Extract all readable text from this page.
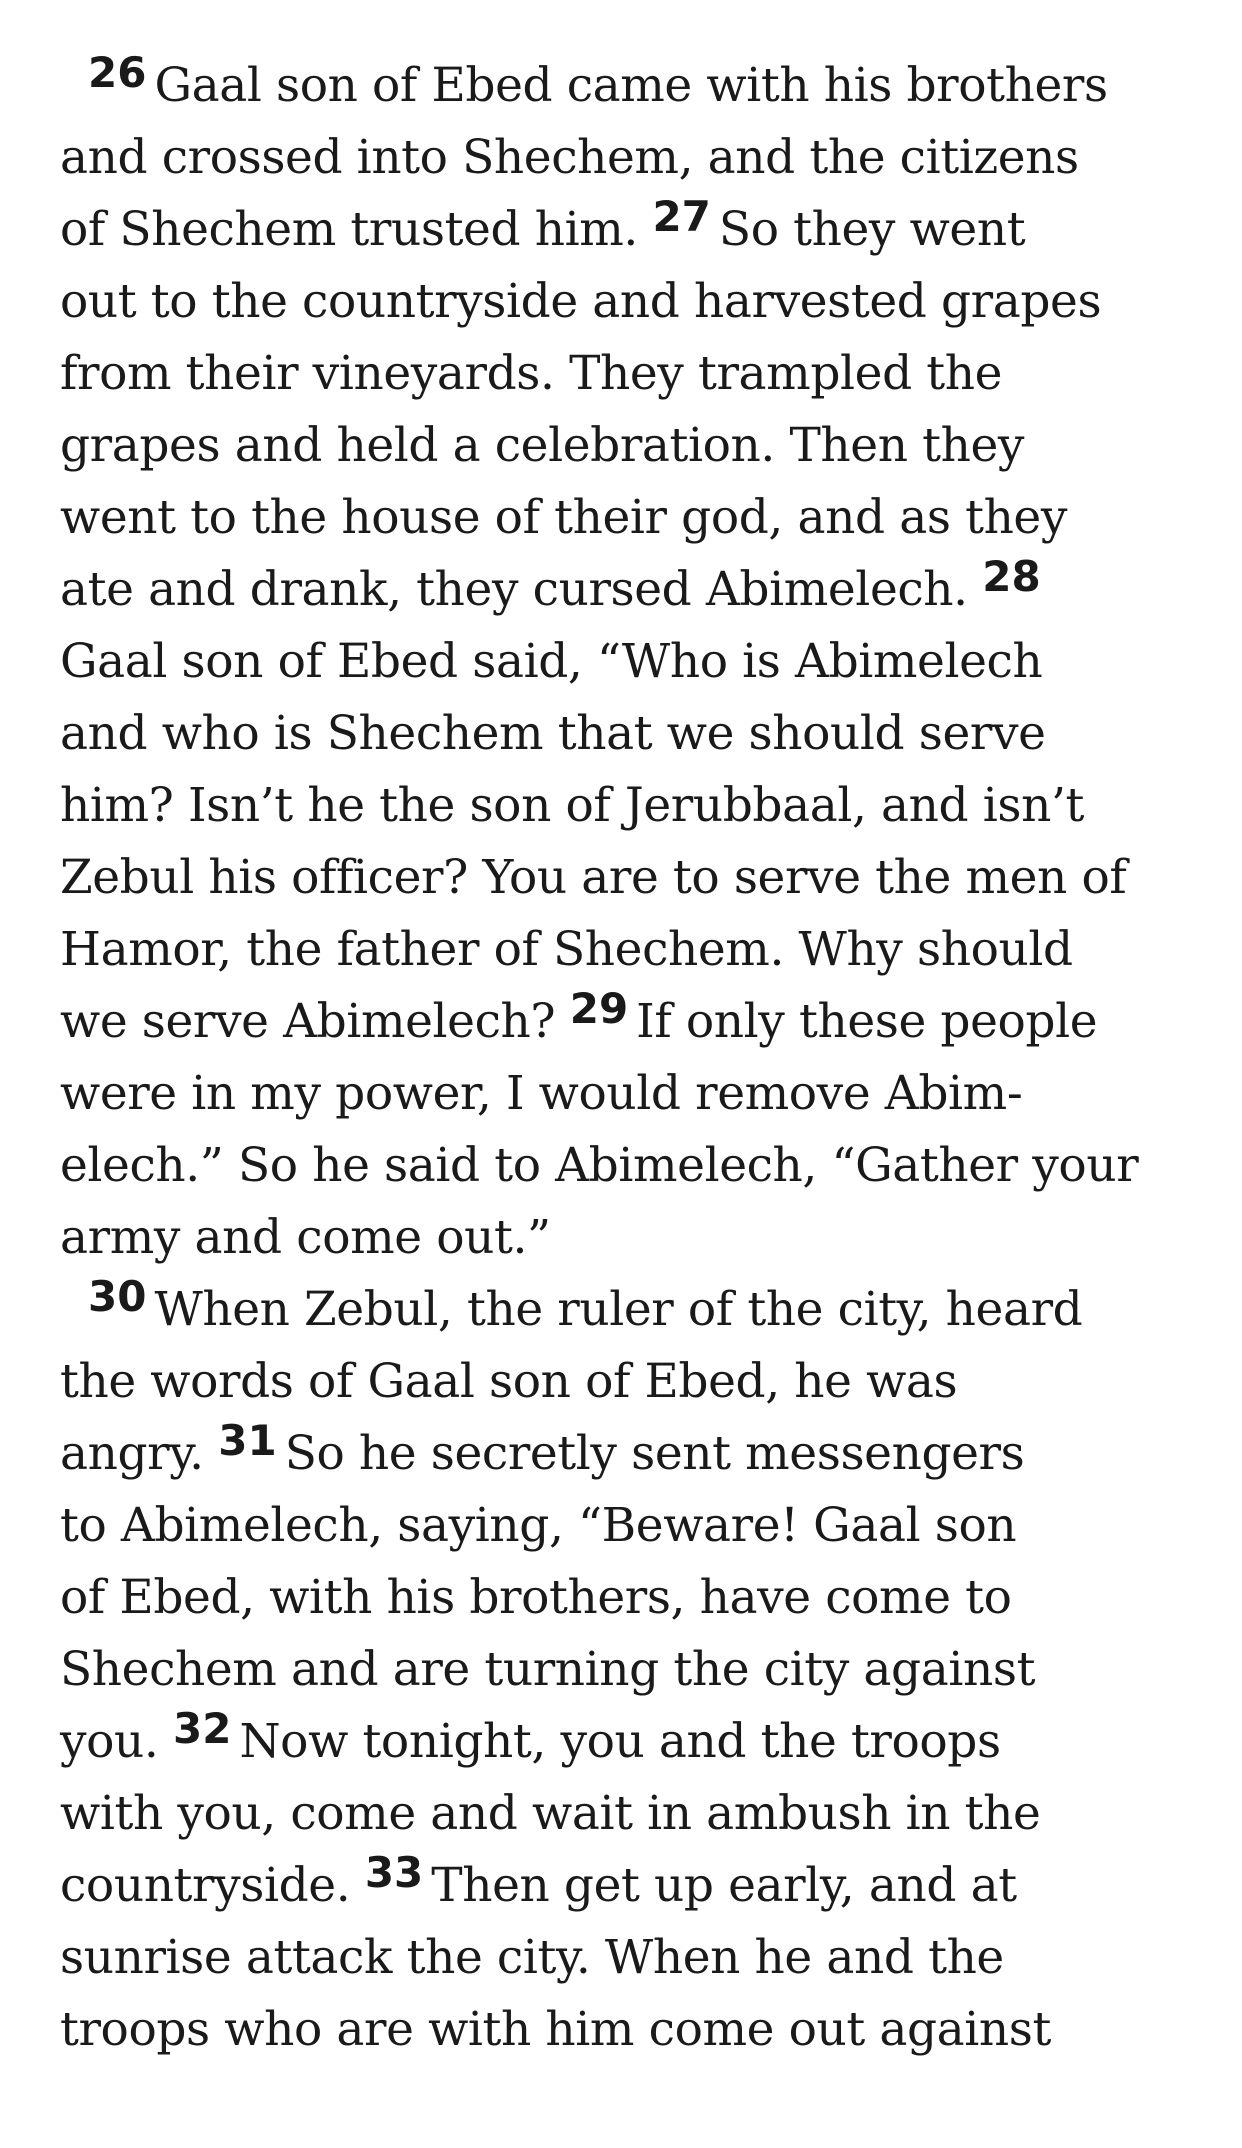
26 Gaal son of Ebed came with his brothers
and crossed into Shechem, and the citizens
of Shechem trusted him. 27 So they went
out to the countryside and harvested grapes
from their vineyards. They trampled the
grapes and held a celebration. Then they
went to the house of their god, and as they
ate and drank, they cursed Abimelech. 28
Gaal son of Ebed said, “Who is Abimelech
and who is Shechem that we should serve
him? Isn’t he the son of Jerubbaal, and isn’t
Zebul his officer? You are to serve the men of
Hamor, the father of Shechem. Why should
we serve Abimelech? 29 If only these people
were in my power, I would remove Abim-
elech.” So he said to Abimelech, “Gather your
army and come out.”
30 When Zebul, the ruler of the city, heard
the words of Gaal son of Ebed, he was
angry. 31 So he secretly sent messengers
to Abimelech, saying, “Beware! Gaal son
of Ebed, with his brothers, have come to
Shechem and are turning the city against
you. 32 Now tonight, you and the troops
with you, come and wait in ambush in the
countryside. 33 Then get up early, and at
sunrise attack the city. When he and the
troops who are with him come out against
